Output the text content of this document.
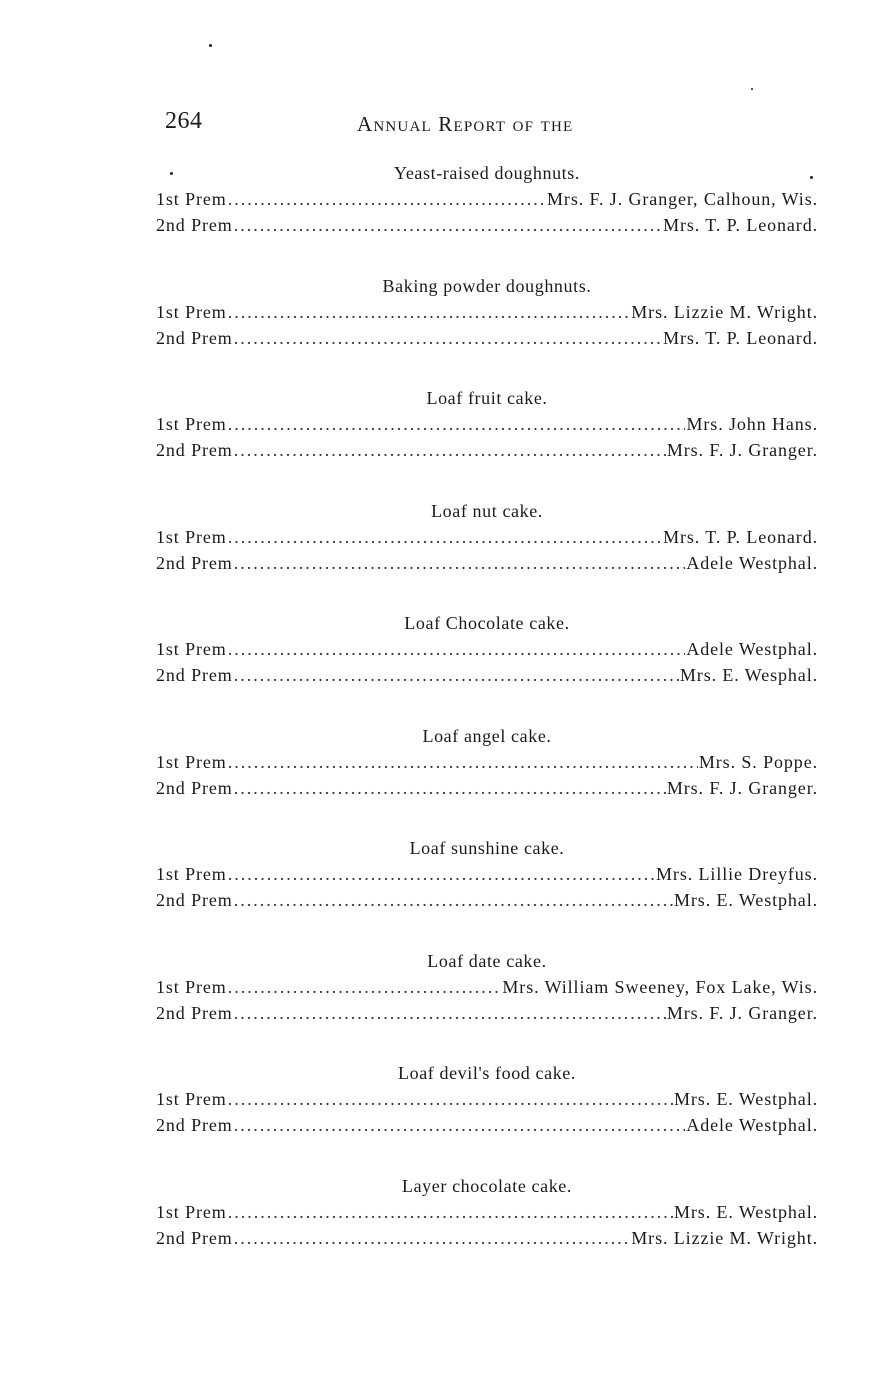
264	Annual Report of the
Yeast-raised doughnuts.
1st Prem .....	Mrs. F. J. Granger, Calhoun, Wis.
2nd Prem .....	Mrs. T. P. Leonard.
Baking powder doughnuts.
1st Prem .....	Mrs. Lizzie M. Wright.
2nd Prem .....	Mrs. T. P. Leonard.
Loaf fruit cake.
1st Prem .....	Mrs. John Hans.
2nd Prem .....	Mrs. F. J. Granger.
Loaf nut cake.
1st Prem .....	Mrs. T. P. Leonard.
2nd Prem .....	Adele Westphal.
Loaf Chocolate cake.
1st Prem .....	Adele Westphal.
2nd Prem .....	Mrs. E. Wesphal.
Loaf angel cake.
1st Prem .....	Mrs. S. Poppe.
2nd Prem .....	Mrs. F. J. Granger.
Loaf sunshine cake.
1st Prem .....	Mrs. Lillie Dreyfus.
2nd Prem .....	Mrs. E. Westphal.
Loaf date cake.
1st Prem .....	Mrs. William Sweeney, Fox Lake, Wis.
2nd Prem .....	Mrs. F. J. Granger.
Loaf devil's food cake.
1st Prem .....	Mrs. E. Westphal.
2nd Prem .....	Adele Westphal.
Layer chocolate cake.
1st Prem .....	Mrs. E. Westphal.
2nd Prem .....	Mrs. Lizzie M. Wright.
